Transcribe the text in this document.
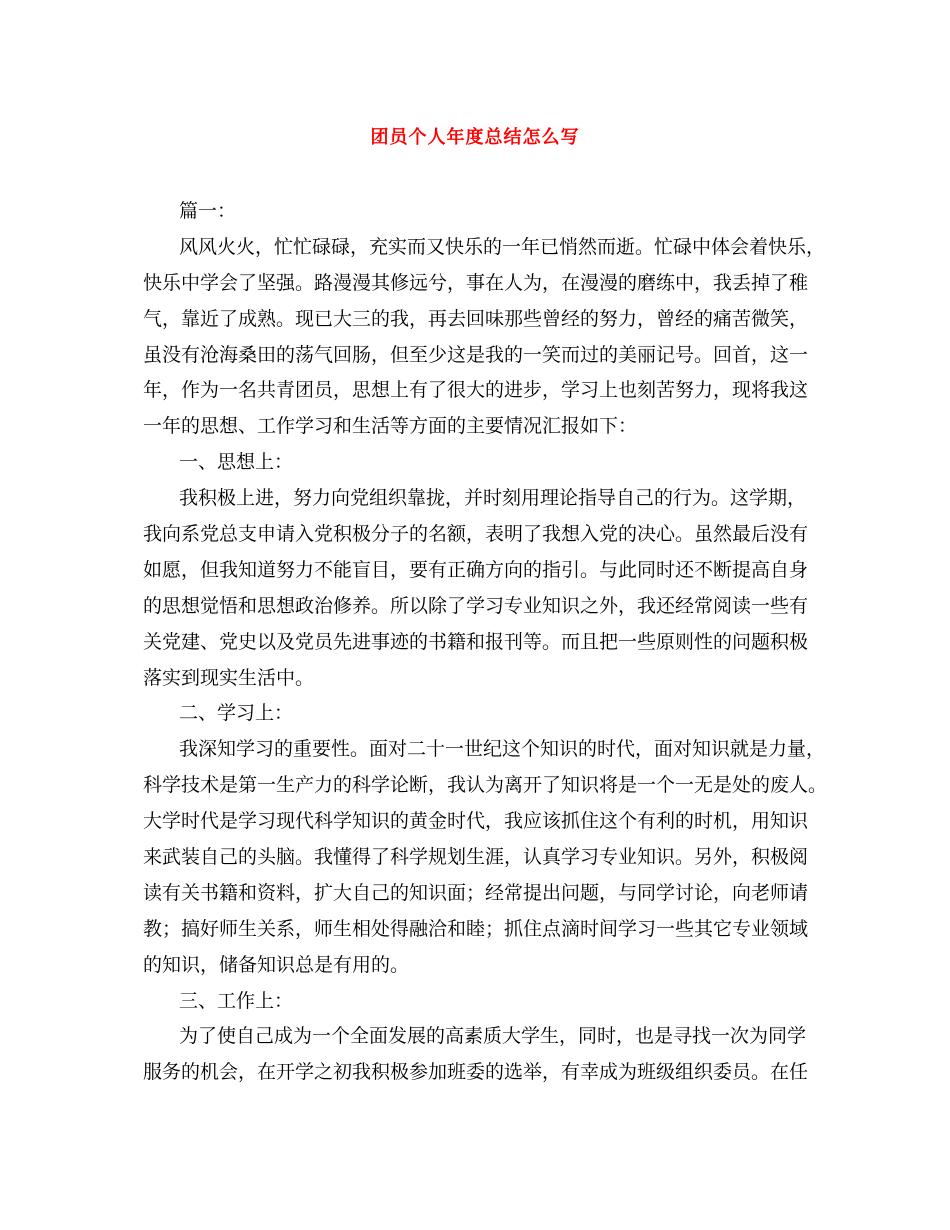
团员个人年度总结怎么写
篇一：
风风火火，忙忙碌碌，充实而又快乐的一年已悄然而逝。忙碌中体会着快乐，
快乐中学会了坚强。路漫漫其修远兮，事在人为，在漫漫的磨练中，我丢掉了稚
气，靠近了成熟。现已大三的我，再去回味那些曾经的努力，曾经的痛苦微笑，
虽没有沧海桑田的荡气回肠，但至少这是我的一笑而过的美丽记号。回首，这一
年，作为一名共青团员，思想上有了很大的进步，学习上也刻苦努力，现将我这
一年的思想、工作学习和生活等方面的主要情况汇报如下：
一、思想上：
我积极上进，努力向党组织靠拢，并时刻用理论指导自己的行为。这学期，
我向系党总支申请入党积极分子的名额，表明了我想入党的决心。虽然最后没有
如愿，但我知道努力不能盲目，要有正确方向的指引。与此同时还不断提高自身
的思想觉悟和思想政治修养。所以除了学习专业知识之外，我还经常阅读一些有
关党建、党史以及党员先进事迹的书籍和报刊等。而且把一些原则性的问题积极
落实到现实生活中。
二、学习上：
我深知学习的重要性。面对二十一世纪这个知识的时代，面对知识就是力量，
科学技术是第一生产力的科学论断，我认为离开了知识将是一个一无是处的废人。
大学时代是学习现代科学知识的黄金时代，我应该抓住这个有利的时机，用知识
来武装自己的头脑。我懂得了科学规划生涯，认真学习专业知识。另外，积极阅
读有关书籍和资料，扩大自己的知识面；经常提出问题，与同学讨论，向老师请
教；搞好师生关系，师生相处得融洽和睦；抓住点滴时间学习一些其它专业领域
的知识，储备知识总是有用的。
三、工作上：
为了使自己成为一个全面发展的高素质大学生，同时，也是寻找一次为同学
服务的机会，在开学之初我积极参加班委的选举，有幸成为班级组织委员。在任
